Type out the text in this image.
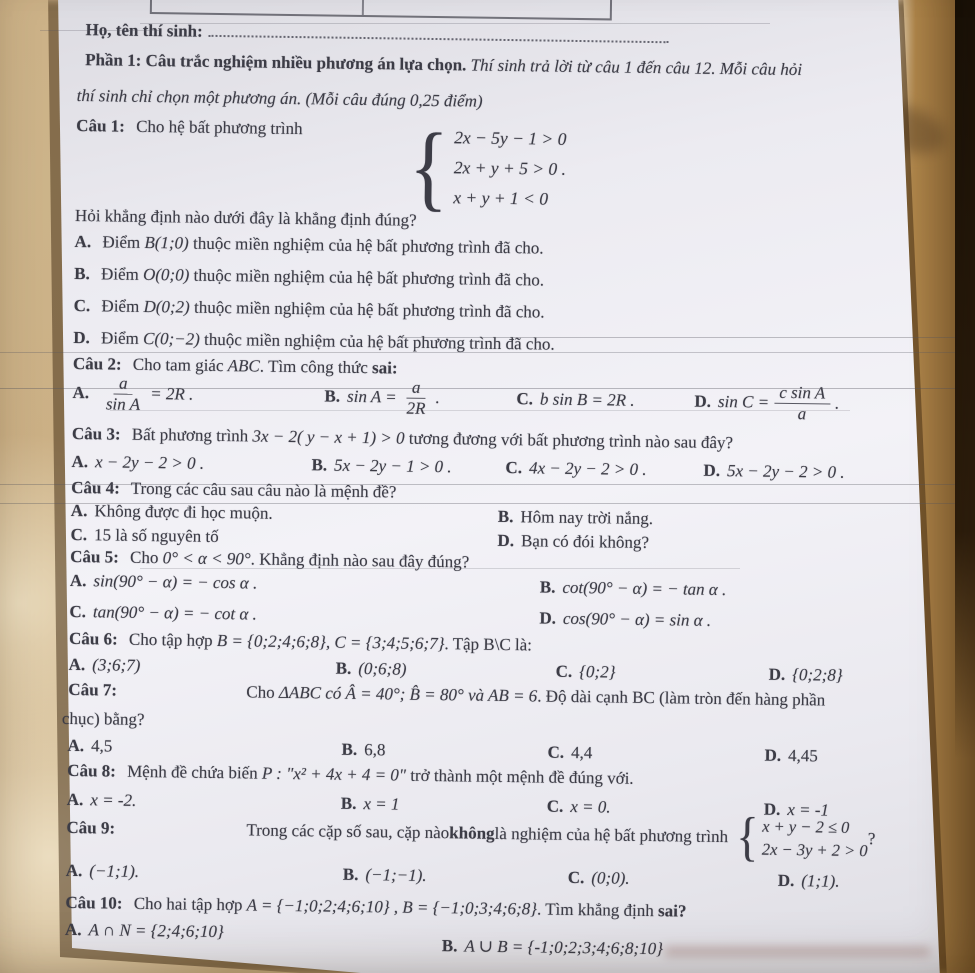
Họ, tên thí sinh:
Phần 1: Câu trắc nghiệm nhiều phương án lựa chọn. Thí sinh trả lời từ câu 1 đến câu 12. Mỗi câu hỏi
thí sinh chỉ chọn một phương án. (Mỗi câu đúng 0,25 điểm)
Câu 1: Cho hệ bất phương trình { 2x − 5y − 1 > 0
2x + y + 5 > 0 .
x + y + 1 < 0
Hỏi khẳng định nào dưới đây là khẳng định đúng?
A. Điểm B(1;0) thuộc miền nghiệm của hệ bất phương trình đã cho.
B. Điểm O(0;0) thuộc miền nghiệm của hệ bất phương trình đã cho.
C. Điểm D(0;2) thuộc miền nghiệm của hệ bất phương trình đã cho.
D. Điểm C(0;−2) thuộc miền nghiệm của hệ bất phương trình đã cho.
Câu 2: Cho tam giác ABC. Tìm công thức sai:
A. $\frac{a}{\text{sin A}} = 2R$ .	B. $\sin A = \frac{a}{2R}$ .	C. b sin B = 2R .	D. $\sin C = \frac{\text{c sin A}}{a}$ .
Câu 3: Bất phương trình 3x − 2( y − x + 1) > 0 tương đương với bất phương trình nào sau đây?
A. x − 2y − 2 > 0 .	B. 5x − 2y − 1 > 0 .	C. 4x − 2y − 2 > 0 .	D. 5x − 2y − 2 > 0 .
Câu 4: Trong các câu sau câu nào là mệnh đề?
A. Không được đi học muộn.	B. Hôm nay trời nắng.
C. 15 là số nguyên tố	D. Bạn có đói không?
Câu 5: Cho 0° < α < 90°. Khẳng định nào sau đây đúng?
A. sin(90° − α) = − cos α .	B. cot(90° − α) = − tan α .
C. tan(90° − α) = − cot α .	D. cos(90° − α) = sin α .
Câu 6: Cho tập hợp B = {0;2;4;6;8}, C = {3;4;5;6;7}. Tập B\C là:
A. (3;6;7)	B. (0;6;8)	C. {0;2}	D. {0;2;8}
Câu 7:	Cho ΔABC có Â = 40°; B̂ = 80° và AB = 6. Độ dài cạnh BC (làm tròn đến hàng phần
chục) bằng?
A. 4,5	B. 6,8	C. 4,4	D. 4,45
Câu 8: Mệnh đề chứa biến P : "x² + 4x + 4 = 0" trở thành một mệnh đề đúng với.
A. x = -2.	B. x = 1	C. x = 0.	D. x = -1
Câu 9:	Trong các cặp số sau, cặp nào không là nghiệm của hệ bất phương trình { x + y − 2 ≤ 0
2x − 3y + 2 > 0
?
A. (−1;1).	B. (−1;−1).	C. (0;0).	D. (1;1).
Câu 10: Cho hai tập hợp A = {−1;0;2;4;6;10} , B = {−1;0;3;4;6;8}. Tìm khẳng định sai?
A. A ∩ N = {2;4;6;10}
B. A ∪ B = {-1;0;2;3;4;6;8;10}
